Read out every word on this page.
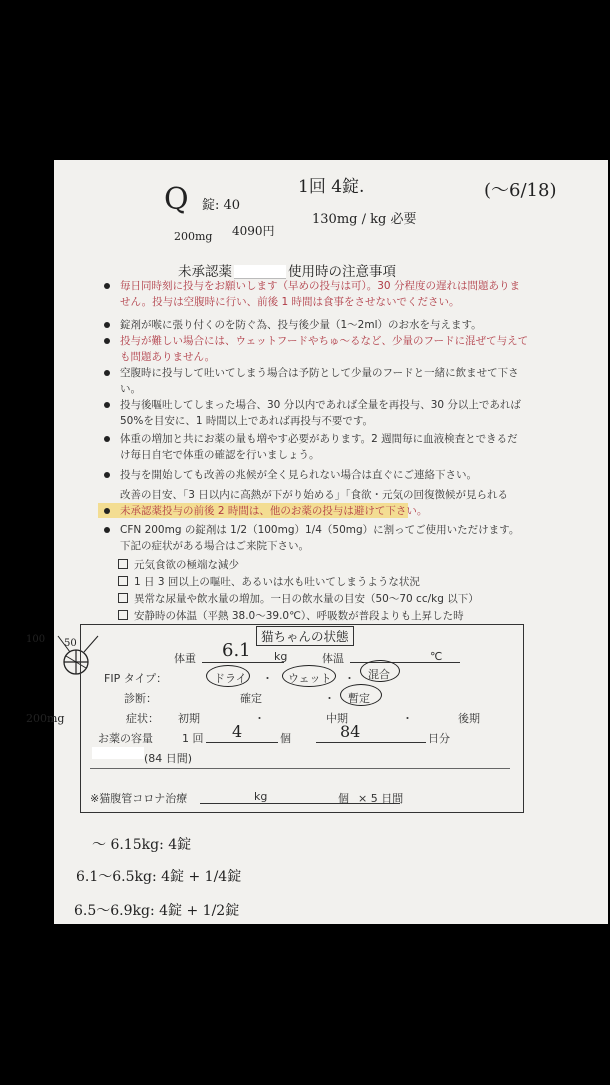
Q 錠: 40
200mg 4090円
1回 4錠.	(〜6/18)
130mg / kg 必要
未承認薬	使用時の注意事項
毎日同時刻に投与をお願いします（早めの投与は可）。30 分程度の遅れは問題ありま
せん。投与は空腹時に行い、前後 1 時間は食事をさせないでください。
錠剤が喉に張り付くのを防ぐ為、投与後少量（1〜2ml）のお水を与えます。
投与が難しい場合には、ウェットフードやちゅ～るなど、少量のフードに混ぜて与えて
も問題ありません。
空腹時に投与して吐いてしまう場合は予防として少量のフードと一緒に飲ませて下さ
い。
投与後嘔吐してしまった場合、30 分以内であれば全量を再投与、30 分以上であれば
50%を目安に、1 時間以上であれば再投与不要です。
体重の増加と共にお薬の量も増やす必要があります。2 週間毎に血液検査とできるだ
け毎日自宅で体重の確認を行いましょう。
投与を開始しても改善の兆候が全く見られない場合は直ぐにご連絡下さい。
改善の目安、「3 日以内に高熱が下がり始める」「食欲・元気の回復徴候が見られる
未承認薬投与の前後 2 時間は、他のお薬の投与は避けて下さい。
CFN 200mg の錠剤は 1/2（100mg）1/4（50mg）に割ってご使用いただけます。
下記の症状がある場合はご来院下さい。
元気食欲の極端な減少
1 日 3 回以上の嘔吐、あるいは水も吐いてしまうような状況
異常な尿量や飲水量の増加。一日の飲水量の目安（50〜70 cc/kg 以下）
安静時の体温（平熱 38.0〜39.0℃）、呼吸数が普段よりも上昇した時
100 50
200mg
猫ちゃんの状態
体重 6.1 kg	体温	℃
FIP タイプ：	ドライ ・ ウェット ・ 混合
診断：	確定	・ 暫定
症状： 初期	・	中期	・	後期
お薬の容量	1 回 4	個	84	日分
(84 日間)
※猫腹管コロナ治療	kg	個 × 5 日間
〜 6.15kg: 4錠
6.1〜6.5kg: 4錠 + 1/4錠
6.5〜6.9kg: 4錠 + 1/2錠
